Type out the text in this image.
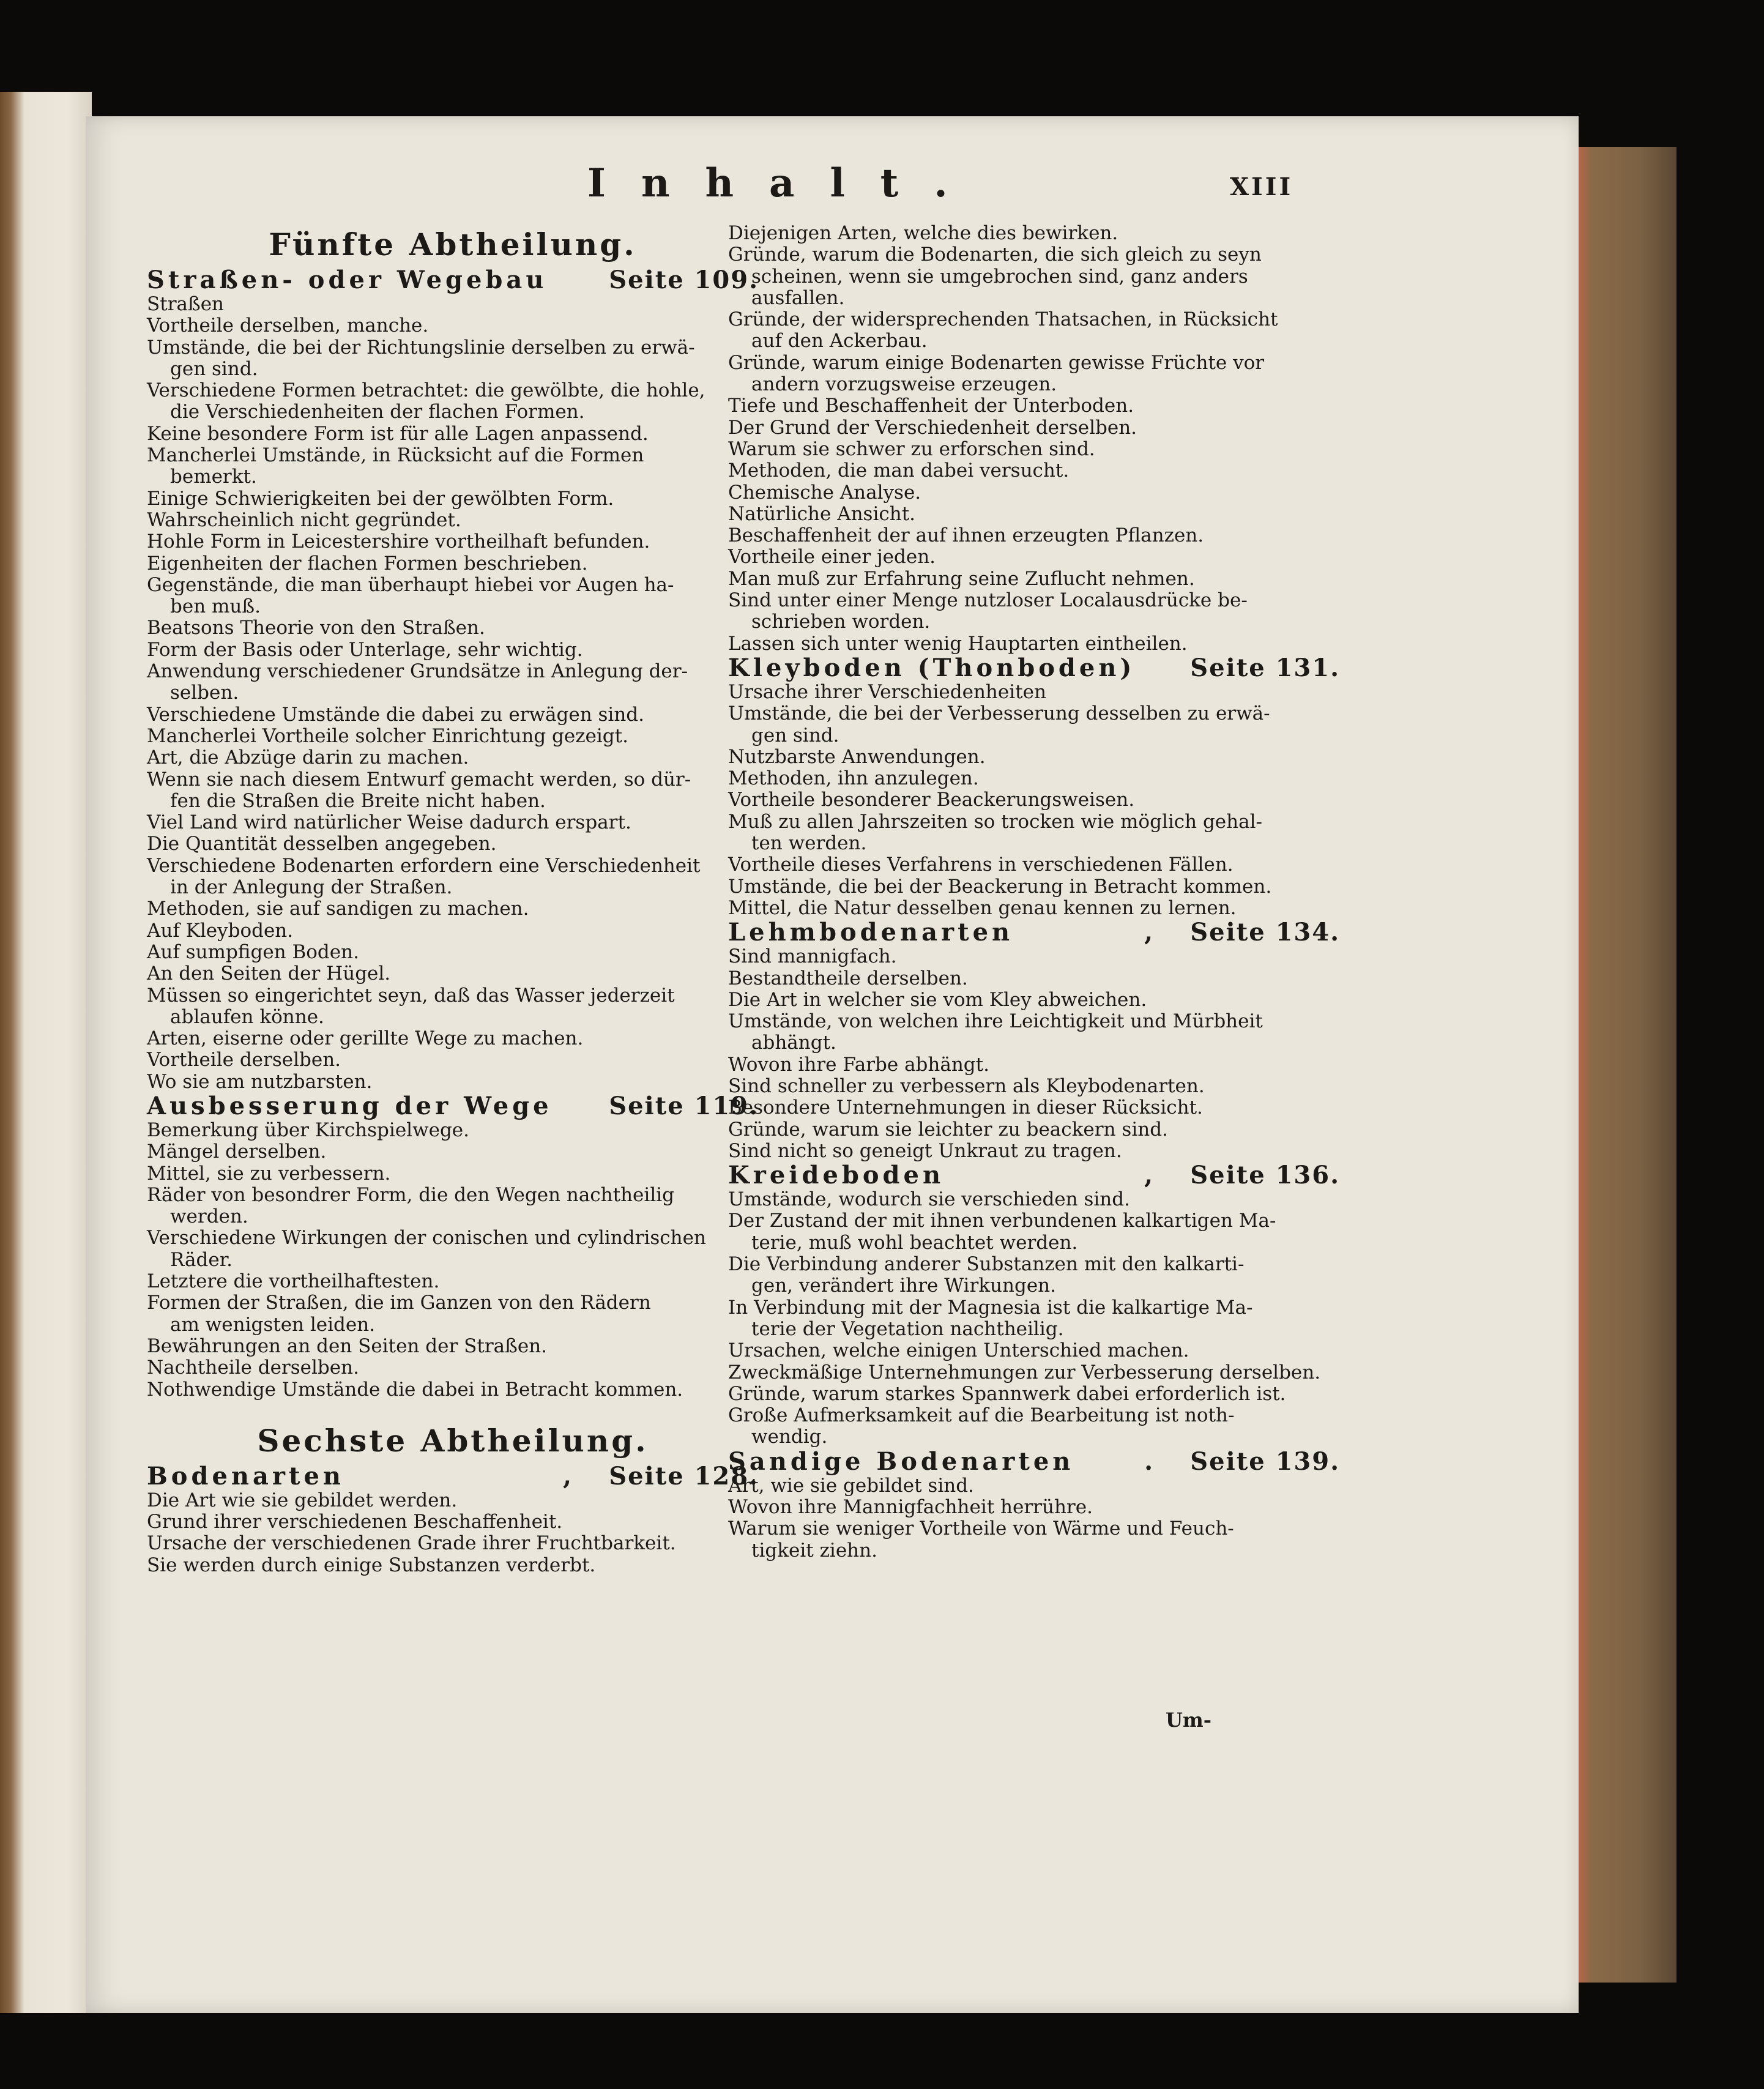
Inhalt.	XIII
Fünfte Abtheilung.
Straßen- oder Wegebau	Seite 109.
Straßen
Vortheile derselben, manche.
Umstände, die bei der Richtungslinie derselben zu erwä-
gen sind.
Verschiedene Formen betrachtet: die gewölbte, die hohle,
die Verschiedenheiten der flachen Formen.
Keine besondere Form ist für alle Lagen anpassend.
Mancherlei Umstände, in Rücksicht auf die Formen
bemerkt.
Einige Schwierigkeiten bei der gewölbten Form.
Wahrscheinlich nicht gegründet.
Hohle Form in Leicestershire vortheilhaft befunden.
Eigenheiten der flachen Formen beschrieben.
Gegenstände, die man überhaupt hiebei vor Augen ha-
ben muß.
Beatsons Theorie von den Straßen.
Form der Basis oder Unterlage, sehr wichtig.
Anwendung verschiedener Grundsätze in Anlegung der-
selben.
Verschiedene Umstände die dabei zu erwägen sind.
Mancherlei Vortheile solcher Einrichtung gezeigt.
Art, die Abzüge darin zu machen.
Wenn sie nach diesem Entwurf gemacht werden, so dür-
fen die Straßen die Breite nicht haben.
Viel Land wird natürlicher Weise dadurch erspart.
Die Quantität desselben angegeben.
Verschiedene Bodenarten erfordern eine Verschiedenheit
in der Anlegung der Straßen.
Methoden, sie auf sandigen zu machen.
Auf Kleyboden.
Auf sumpfigen Boden.
An den Seiten der Hügel.
Müssen so eingerichtet seyn, daß das Wasser jederzeit
ablaufen könne.
Arten, eiserne oder gerillte Wege zu machen.
Vortheile derselben.
Wo sie am nutzbarsten.
Ausbesserung der Wege Seite 119.
Bemerkung über Kirchspielwege.
Mängel derselben.
Mittel, sie zu verbessern.
Räder von besondrer Form, die den Wegen nachtheilig
werden.
Verschiedene Wirkungen der conischen und cylindrischen
Räder.
Letztere die vortheilhaftesten.
Formen der Straßen, die im Ganzen von den Rädern
am wenigsten leiden.
Bewährungen an den Seiten der Straßen.
Nachtheile derselben.
Nothwendige Umstände die dabei in Betracht kommen.
Sechste Abtheilung.
Bodenarten	, Seite 128.
Die Art wie sie gebildet werden.
Grund ihrer verschiedenen Beschaffenheit.
Ursache der verschiedenen Grade ihrer Fruchtbarkeit.
Sie werden durch einige Substanzen verderbt.
Diejenigen Arten, welche dies bewirken.
Gründe, warum die Bodenarten, die sich gleich zu seyn
scheinen, wenn sie umgebrochen sind, ganz anders
ausfallen.
Gründe, der widersprechenden Thatsachen, in Rücksicht
auf den Ackerbau.
Gründe, warum einige Bodenarten gewisse Früchte vor
andern vorzugsweise erzeugen.
Tiefe und Beschaffenheit der Unterboden.
Der Grund der Verschiedenheit derselben.
Warum sie schwer zu erforschen sind.
Methoden, die man dabei versucht.
Chemische Analyse.
Natürliche Ansicht.
Beschaffenheit der auf ihnen erzeugten Pflanzen.
Vortheile einer jeden.
Man muß zur Erfahrung seine Zuflucht nehmen.
Sind unter einer Menge nutzloser Localausdrücke be-
schrieben worden.
Lassen sich unter wenig Hauptarten eintheilen.
Kleyboden (Thonboden) Seite 131.
Ursache ihrer Verschiedenheiten
Umstände, die bei der Verbesserung desselben zu erwä-
gen sind.
Nutzbarste Anwendungen.
Methoden, ihn anzulegen.
Vortheile besonderer Beackerungsweisen.
Muß zu allen Jahrszeiten so trocken wie möglich gehal-
ten werden.
Vortheile dieses Verfahrens in verschiedenen Fällen.
Umstände, die bei der Beackerung in Betracht kommen.
Mittel, die Natur desselben genau kennen zu lernen.
Lehmbodenarten	, Seite 134.
Sind mannigfach.
Bestandtheile derselben.
Die Art in welcher sie vom Kley abweichen.
Umstände, von welchen ihre Leichtigkeit und Mürbheit
abhängt.
Wovon ihre Farbe abhängt.
Sind schneller zu verbessern als Kleybodenarten.
Besondere Unternehmungen in dieser Rücksicht.
Gründe, warum sie leichter zu beackern sind.
Sind nicht so geneigt Unkraut zu tragen.
Kreideboden	, Seite 136.
Umstände, wodurch sie verschieden sind.
Der Zustand der mit ihnen verbundenen kalkartigen Ma-
terie, muß wohl beachtet werden.
Die Verbindung anderer Substanzen mit den kalkarti-
gen, verändert ihre Wirkungen.
In Verbindung mit der Magnesia ist die kalkartige Ma-
terie der Vegetation nachtheilig.
Ursachen, welche einigen Unterschied machen.
Zweckmäßige Unternehmungen zur Verbesserung derselben.
Gründe, warum starkes Spannwerk dabei erforderlich ist.
Große Aufmerksamkeit auf die Bearbeitung ist noth-
wendig.
Sandige Bodenarten	. Seite 139.
Art, wie sie gebildet sind.
Wovon ihre Mannigfachheit herrühre.
Warum sie weniger Vortheile von Wärme und Feuch-
tigkeit ziehn.
Um-
